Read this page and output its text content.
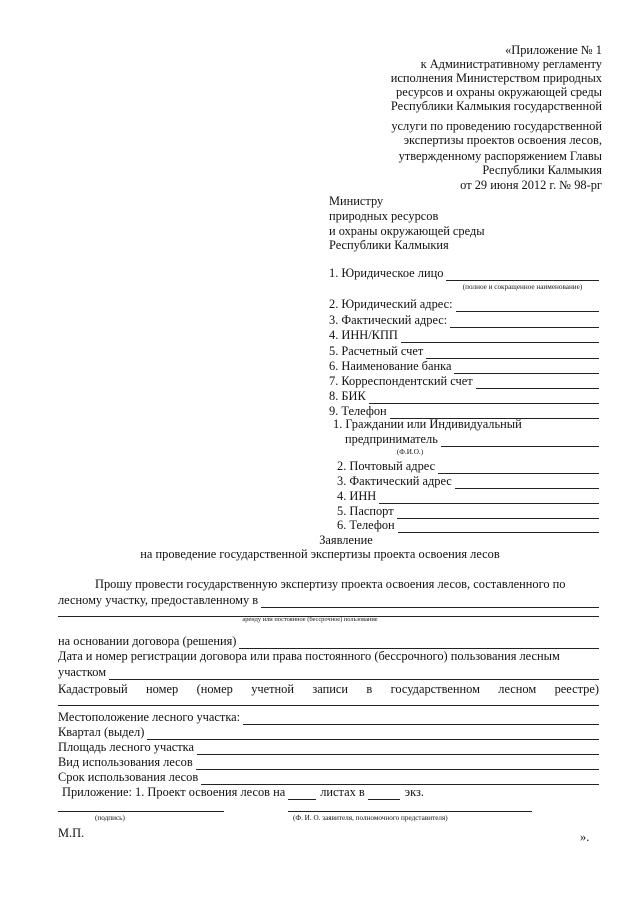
«Приложение № 1
к Административному регламенту
исполнения Министерством природных
ресурсов и охраны окружающей среды
Республики Калмыкия государственной
услуги по проведению государственной
экспертизы проектов освоения лесов,
утвержденному распоряжением Главы
Республики Калмыкия
от 29 июня 2012 г. № 98-рг
Министру
природных ресурсов
и охраны окружающей среды
Республики Калмыкия
1. Юридическое лицо
(полное и сокращенное наименование)
2. Юридический адрес:
3. Фактический адрес:
4. ИНН/КПП
5. Расчетный счет
6. Наименование банка
7. Корреспондентский счет
8. БИК
9. Телефон
1. Граждании или Индивидуальный
предприниматель
(Ф.И.О.)
2. Почтовый адрес
3. Фактический адрес
4. ИНН
5. Паспорт
6. Телефон
Заявление
на проведение государственной экспертизы проекта освоения лесов
Прошу провести государственную экспертизу проекта освоения лесов, составленного по
лесному участку, предоставленному в
аренду или постоянное (бессрочное) пользование
на основании договора (решения)
Дата и номер регистрации договора или права постоянного (бессрочного) пользования лесным
участком
Кадастровый номер (номер учетной записи в государственном лесном реестре)
Местоположение лесного участка:
Квартал (выдел)
Площадь лесного участка
Вид использования лесов
Срок использования лесов
Приложение: 1. Проект освоения лесов на	листах в	экз.
(подпись)	(Ф. И. О. заявителя, полномочного представителя)
М.П.	».
